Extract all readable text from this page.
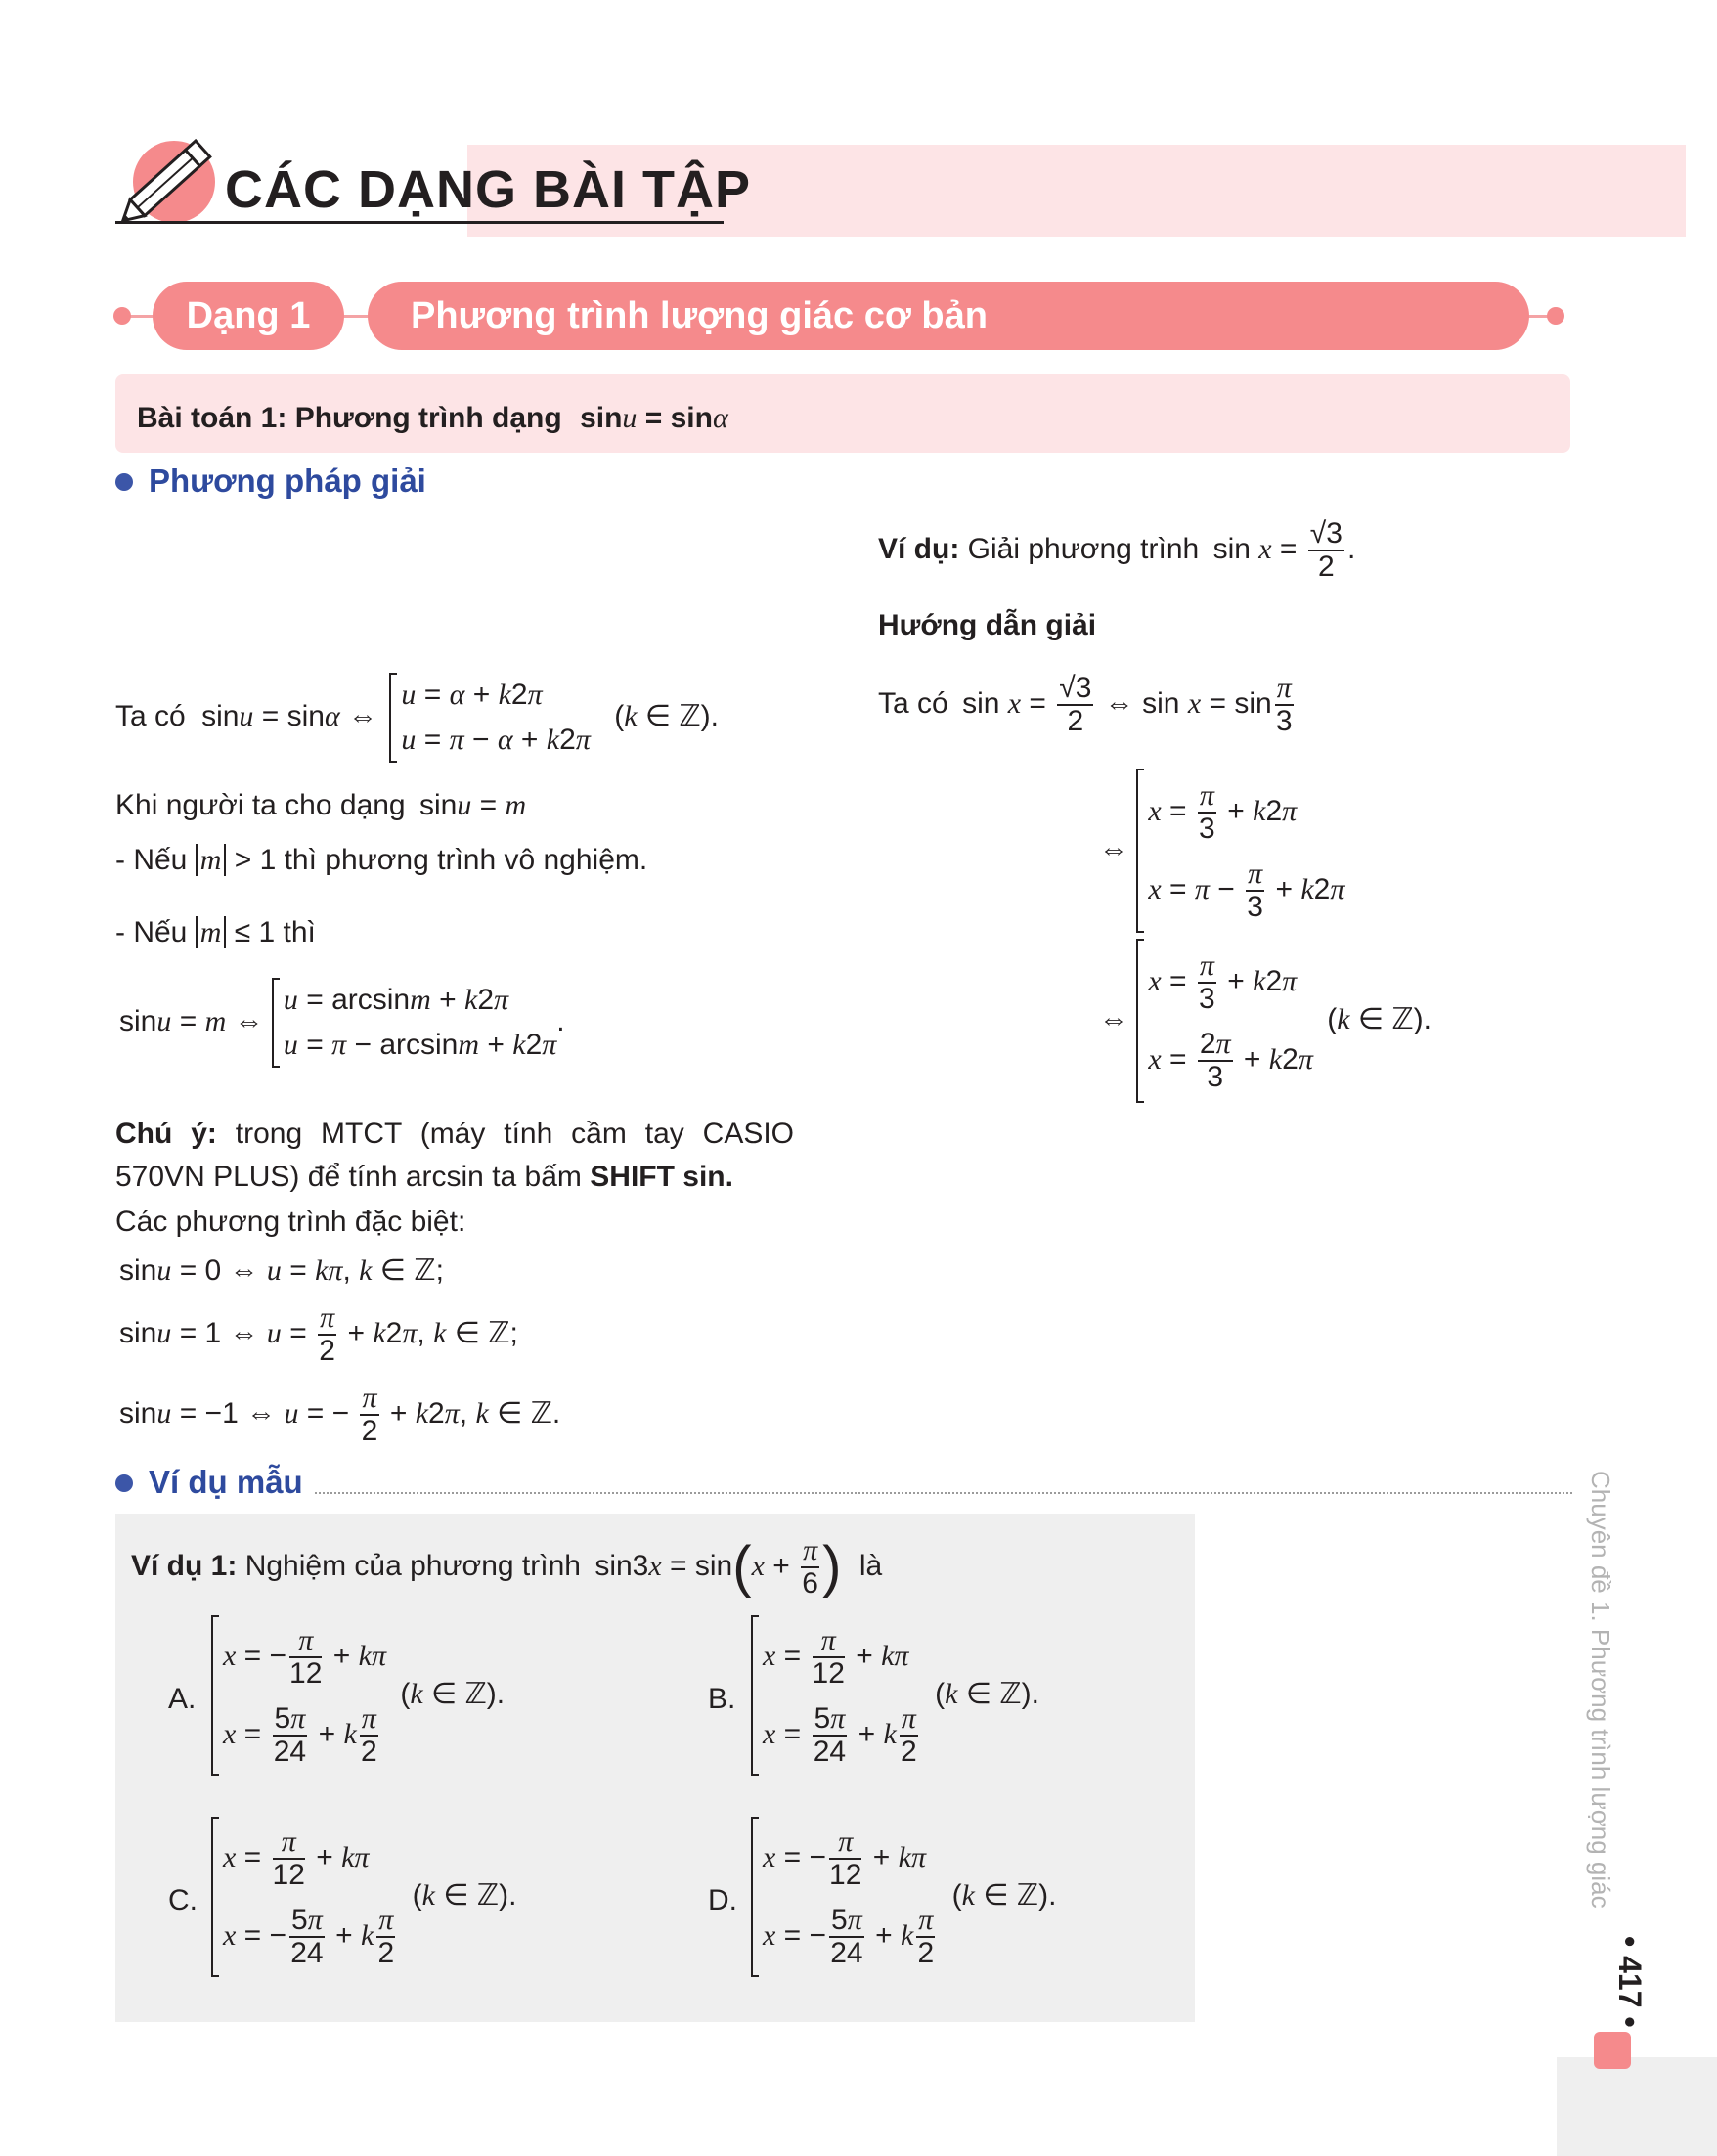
CÁC DẠNG BÀI TẬP
Dạng 1	Phương trình lượng giác cơ bản
Bài toán 1: Phương trình dạng sinu = sinα
Phương pháp giải
Ta có sinu = sinα ⇔
u = α + k2π
u = π − α + k2π
(k ∈ ℤ).
Khi người ta cho dạng sinu = m
- Nếu m > 1 thì phương trình vô nghiệm.
- Nếu m ≤ 1 thì
sinu = m ⇔
u = arcsinm + k2π
u = π − arcsinm + k2π
.
Chú ý: trong MTCT (máy tính cầm tay CASIO
570VN PLUS) để tính arcsin ta bấm SHIFT sin.
Các phương trình đặc biệt:
sinu = 0 ⇔ u = kπ, k ∈ ℤ;
sinu = 1 ⇔ $u = \frac{\pi}{2} + k2\pi$, k ∈ ℤ;
sinu = −1 ⇔ u = − $\frac{\pi}{2} + k2\pi$, k ∈ ℤ.
Ví dụ: Giải phương trình $\sin x = \frac{√3}{2}$ .
Hướng dẫn giải
Ta có $\sin x = \frac{√3}{2}$ ⇔ $\sin x = \sin \frac{\pi}{3}$
⇔
$x = \frac{\pi}{3} + k2\pi$
$x = \pi - \frac{\pi}{3} + k2\pi$
⇔
$x = \frac{\pi}{3} + k2\pi$
$x = \frac{2\pi}{3} + k2\pi$
(k ∈ ℤ).
Ví dụ mẫu
Ví dụ 1: Nghiệm của phương trình $\sin 3x = \sin(x + \frac{\pi}{6}$ ) là
A.
x = − $\frac{\pi}{12} + k\pi$
$x = \frac{5\pi}{24} + k \frac{\pi}{2}$
(k ∈ ℤ).	B.
$x = \frac{\pi}{12} + k\pi$
$x = \frac{5\pi}{24} + k \frac{\pi}{2}$
(k ∈ ℤ).
C.
$x = \frac{\pi}{12} + k\pi$
x = − $\frac{5\pi}{24} + k \frac{\pi}{2}$
(k ∈ ℤ).	D.
x = − $\frac{\pi}{12} + k\pi$
x = − $\frac{5\pi}{24} + k \frac{\pi}{2}$
(k ∈ ℤ).	Chuyên đề 1. Phương trình lượng giác
• 417 •
